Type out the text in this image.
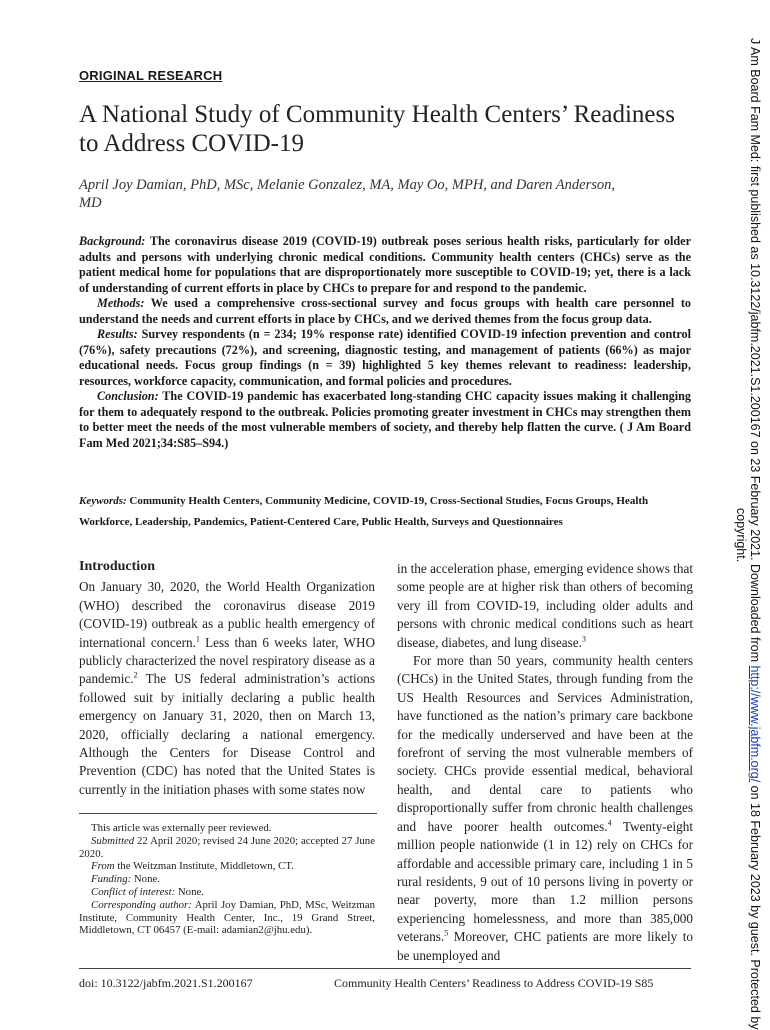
ORIGINAL RESEARCH
A National Study of Community Health Centers’ Readiness to Address COVID-19
April Joy Damian, PhD, MSc, Melanie Gonzalez, MA, May Oo, MPH, and Daren Anderson, MD

Background: The coronavirus disease 2019 (COVID-19) outbreak poses serious health risks, particularly for older adults and persons with underlying chronic medical conditions. Community health centers (CHCs) serve as the patient medical home for populations that are disproportionately more susceptible to COVID-19; yet, there is a lack of understanding of current efforts in place by CHCs to prepare for and respond to the pandemic.

Methods: We used a comprehensive cross-sectional survey and focus groups with health care personnel to understand the needs and current efforts in place by CHCs, and we derived themes from the focus group data.

Results: Survey respondents (n = 234; 19% response rate) identified COVID-19 infection prevention and control (76%), safety precautions (72%), and screening, diagnostic testing, and management of patients (66%) as major educational needs. Focus group findings (n = 39) highlighted 5 key themes relevant to readiness: leadership, resources, workforce capacity, communication, and formal policies and procedures.

Conclusion: The COVID-19 pandemic has exacerbated long-standing CHC capacity issues making it challenging for them to adequately respond to the outbreak. Policies promoting greater investment in CHCs may strengthen them to better meet the needs of the most vulnerable members of society, and thereby help flatten the curve. ( J Am Board Fam Med 2021;34:S85–S94.)

Keywords: Community Health Centers, Community Medicine, COVID-19, Cross-Sectional Studies, Focus Groups, Health Workforce, Leadership, Pandemics, Patient-Centered Care, Public Health, Surveys and Questionnaires
Introduction

On January 30, 2020, the World Health Organization (WHO) described the coronavirus disease 2019 (COVID-19) outbreak as a public health emergency of international concern.$^1$ Less than 6 weeks later, WHO publicly characterized the novel respiratory disease as a pandemic.$^2$ The US federal administration’s actions followed suit by initially declaring a public health emergency on January 31, 2020, then on March 13, 2020, officially declaring a national emergency. Although the Centers for Disease Control and Prevention (CDC) has noted that the United States is currently in the initiation phases with some states now

This article was externally peer reviewed.

Submitted 22 April 2020; revised 24 June 2020; accepted 27 June 2020.

From the Weitzman Institute, Middletown, CT.

Funding: None.

Conflict of interest: None.

Corresponding author: April Joy Damian, PhD, MSc, Weitzman Institute, Community Health Center, Inc., 19 Grand Street, Middletown, CT 06457 (E-mail: adamian2@jhu.edu).

in the acceleration phase, emerging evidence shows that some people are at higher risk than others of becoming very ill from COVID-19, including older adults and persons with chronic medical conditions such as heart disease, diabetes, and lung disease.$^3$

For more than 50 years, community health centers (CHCs) in the United States, through funding from the US Health Resources and Services Administration, have functioned as the nation’s primary care backbone for the medically underserved and have been at the forefront of serving the most vulnerable members of society. CHCs provide essential medical, behavioral health, and dental care to patients who disproportionally suffer from chronic health challenges and have poorer health outcomes.$^4$ Twenty-eight million people nationwide (1 in 12) rely on CHCs for affordable and accessible primary care, including 1 in 5 rural residents, 9 out of 10 persons living in poverty or near poverty, more than 1.2 million persons experiencing homelessness, and more than 385,000 veterans.$^5$ Moreover, CHC patients are more likely to be unemployed and

doi: 10.3122/jabfm.2021.S1.200167	Community Health Centers’ Readiness to Address COVID-19 S85
J Am Board Fam Med: first published as 10.3122/jabfm.2021.S1.200167 on 23 February 2021. Downloaded from http://www.jabfm.org/ on 18 February 2023 by guest. Protected by
copyright.
